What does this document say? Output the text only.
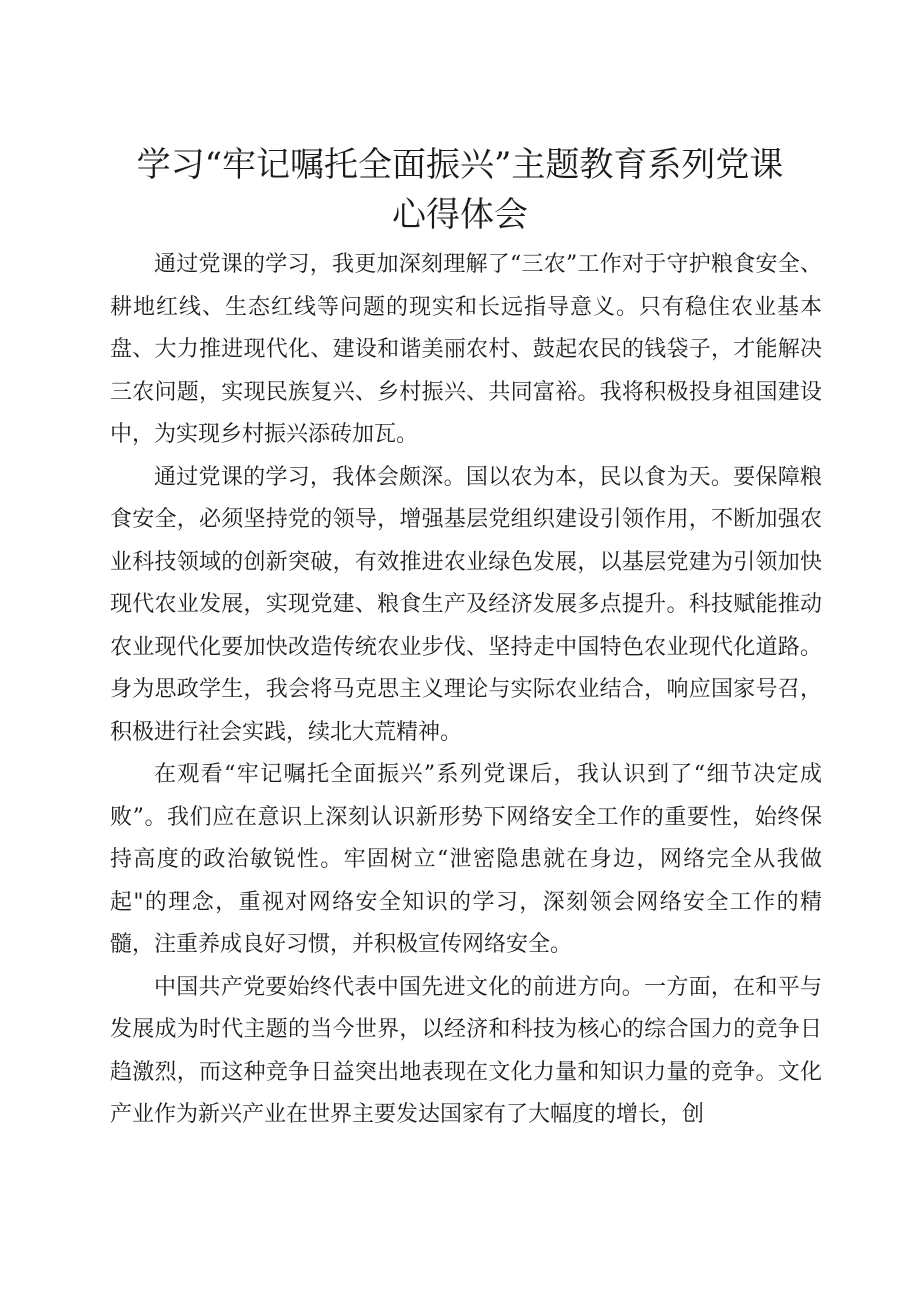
学习“牢记嘱托全面振兴”主题教育系列党课
心得体会

通过党课的学习，我更加深刻理解了“三农”工作对于守护粮食安全、耕地红线、生态红线等问题的现实和长远指导意义。只有稳住农业基本盘、大力推进现代化、建设和谐美丽农村、鼓起农民的钱袋子，才能解决三农问题，实现民族复兴、乡村振兴、共同富裕。我将积极投身祖国建设中，为实现乡村振兴添砖加瓦。

通过党课的学习，我体会颇深。国以农为本，民以食为天。要保障粮食安全，必须坚持党的领导，增强基层党组织建设引领作用，不断加强农业科技领域的创新突破，有效推进农业绿色发展，以基层党建为引领加快现代农业发展，实现党建、粮食生产及经济发展多点提升。科技赋能推动农业现代化要加快改造传统农业步伐、坚持走中国特色农业现代化道路。身为思政学生，我会将马克思主义理论与实际农业结合，响应国家号召，积极进行社会实践，续北大荒精神。

在观看“牢记嘱托全面振兴”系列党课后，我认识到了“细节决定成败”。我们应在意识上深刻认识新形势下网络安全工作的重要性，始终保持高度的政治敏锐性。牢固树立“泄密隐患就在身边，网络完全从我做起"的理念，重视对网络安全知识的学习，深刻领会网络安全工作的精髓，注重养成良好习惯，并积极宣传网络安全。

中国共产党要始终代表中国先进文化的前进方向。一方面，在和平与发展成为时代主题的当今世界，以经济和科技为核心的综合国力的竞争日趋激烈，而这种竞争日益突出地表现在文化力量和知识力量的竞争。文化产业作为新兴产业在世界主要发达国家有了大幅度的增长，创
